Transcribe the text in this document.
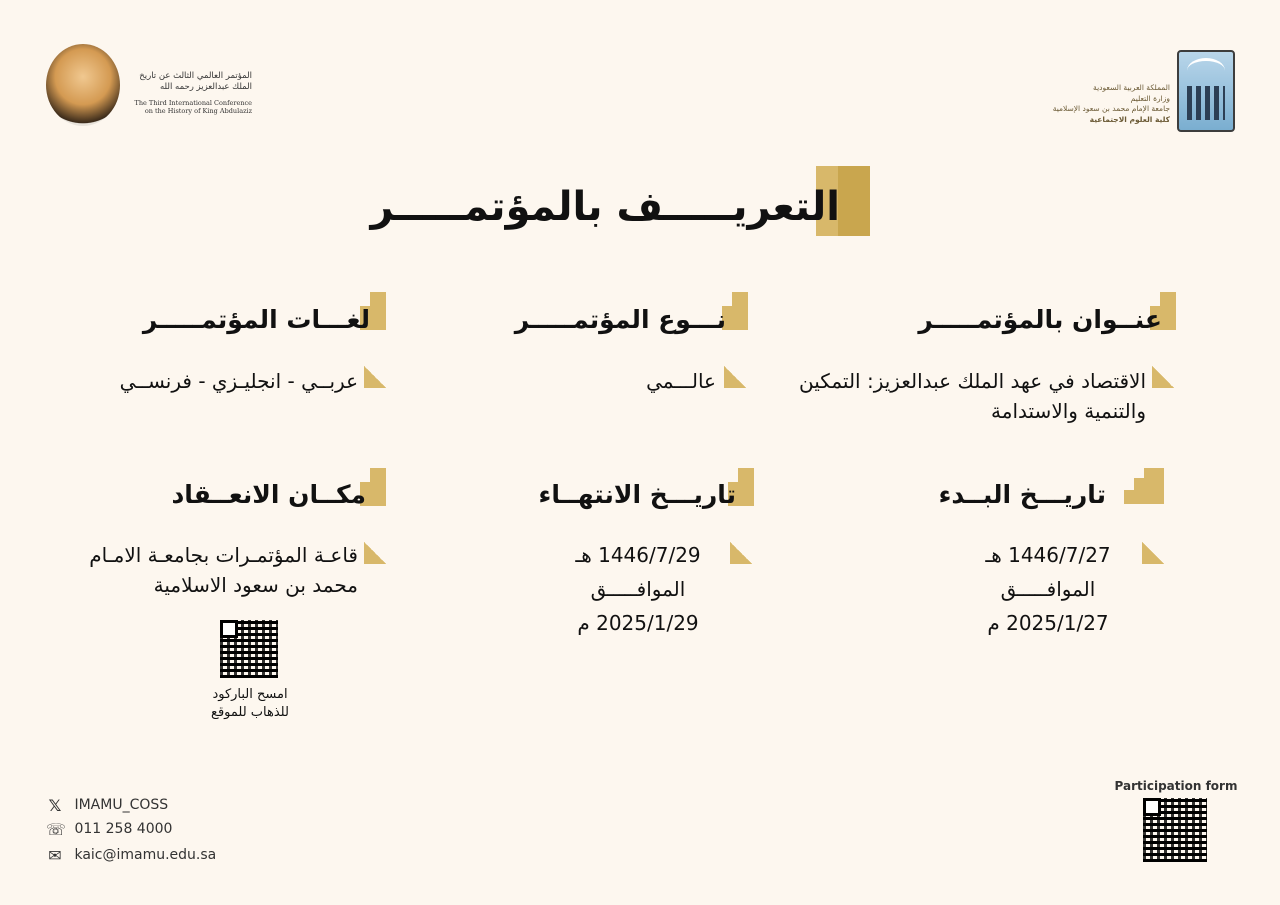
المؤتمر العالمي الثالث عن تاريخ
الملك عبدالعزيز رحمه الله
The Third International Conference
on the History of King Abdulaziz
المملكة العربية السعودية
وزارة التعليم
جامعة الإمام محمد بن سعود الإسلامية
كلية العلوم الاجتماعية
التعريـــــف بالمؤتمـــــر
عنــوان بالمؤتمـــــر
الاقتصاد في عهد الملك عبدالعزيز: التمكين والتنمية والاستدامة
نـــوع المؤتمـــــر
عالـــمي
لغـــات المؤتمـــــر
عربــي - انجليـزي - فرنســي
تاريـــخ البــدء
1446/7/27 هـ
الموافـــــق
2025/1/27 م
تاريـــخ الانتهــاء
1446/7/29 هـ
الموافـــــق
2025/1/29 م
مكــان الانعــقاد
قاعـة المؤتمـرات بجامعـة الامـام
محمد بن سعود الاسلامية
امسح الباركود
للذهاب للموقع
Participation form
𝕏 IMAMU_COSS
☏ 011 258 4000
✉ kaic@imamu.edu.sa
